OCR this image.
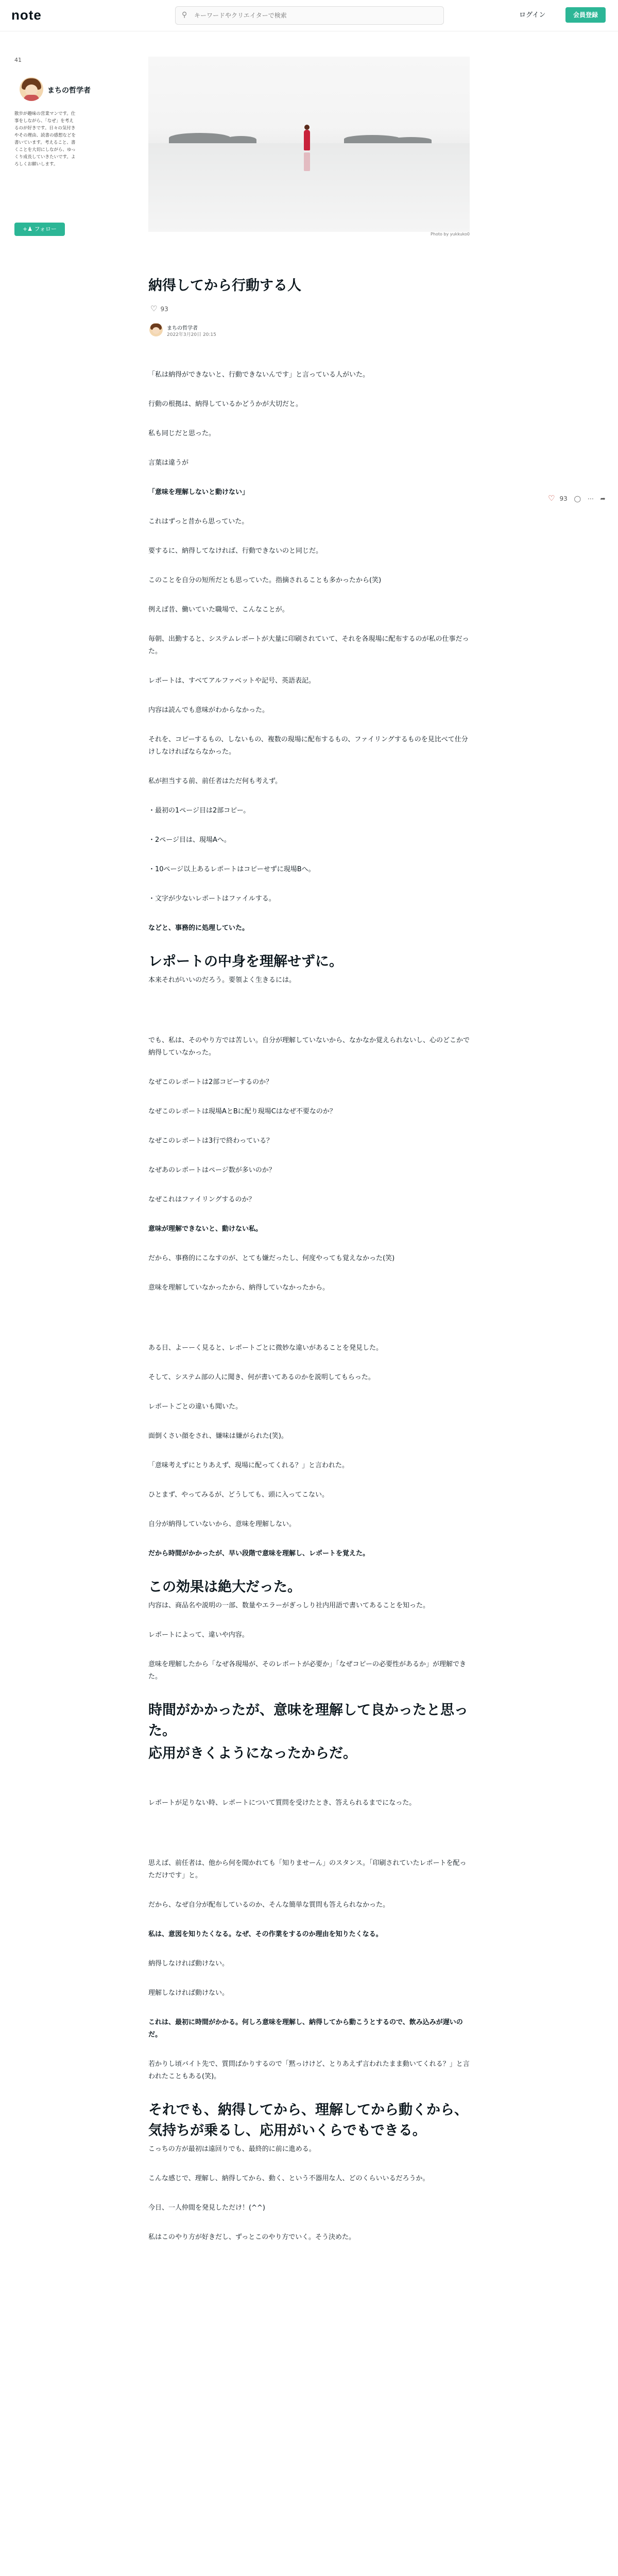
note	⚲
キーワードやクリエイターで検索	ログイン	会員登録
41
まちの哲学者
散歩が趣味の営業マンです。仕事をしながら、「なぜ」を考えるのが好きです。日々の気付きやその理由、読書の感想などを書いています。考えること、書くことを大切にしながら、ゆっくり成長していきたいです。よろしくお願いします。
+♟ フォロー
Photo by yukkuko0
納得してから行動する人
♡ 93
まちの哲学者
2022年3月20日 20:15

「私は納得ができないと、行動できないんです」と言っている人がいた。

行動の根拠は、納得しているかどうかが大切だと。

私も同じだと思った。

言葉は違うが

「意味を理解しないと動けない」

これはずっと昔から思っていた。

要するに、納得してなければ、行動できないのと同じだ。

このことを自分の短所だとも思っていた。指摘されることも多かったから(笑)

例えば昔、働いていた職場で、こんなことが。

毎朝、出勤すると、システムレポートが大量に印刷されていて、それを各現場に配布するのが私の仕事だった。

レポートは、すべてアルファベットや記号、英語表記。

内容は読んでも意味がわからなかった。

それを、コピーするもの、しないもの、複数の現場に配布するもの、ファイリングするものを見比べて仕分けしなければならなかった。

私が担当する前、前任者はただ何も考えず。

・最初の1ページ目は2部コピー。

・2ページ目は、現場Aへ。

・10ページ以上あるレポートはコピーせずに現場Bへ。

・文字が少ないレポートはファイルする。

などと、事務的に処理していた。

レポートの中身を理解せずに。

本来それがいいのだろう。要領よく生きるには。

でも、私は、そのやり方では苦しい。自分が理解していないから、なかなか覚えられないし、心のどこかで納得していなかった。

なぜこのレポートは2部コピーするのか？

なぜこのレポートは現場AとBに配り現場Cはなぜ不要なのか？

なぜこのレポートは3行で終わっている？

なぜあのレポートはページ数が多いのか？

なぜこれはファイリングするのか？

意味が理解できないと、動けない私。

だから、事務的にこなすのが、とても嫌だったし、何度やっても覚えなかった(笑)

意味を理解していなかったから、納得していなかったから。

ある日、よーーく見ると、レポートごとに微妙な違いがあることを発見した。

そして、システム部の人に聞き、何が書いてあるのかを説明してもらった。

レポートごとの違いも聞いた。

面倒くさい顔をされ、嫌味は嫌がられた(笑)。

「意味考えずにとりあえず、現場に配ってくれる？」と言われた。

ひとまず、やってみるが、どうしても、頭に入ってこない。

自分が納得していないから、意味を理解しない。

だから時間がかかったが、早い段階で意味を理解し、レポートを覚えた。

この効果は絶大だった。

内容は、商品名や説明の一部、数量やエラーがぎっしり社内用語で書いてあることを知った。

レポートによって、違いや内容。

意味を理解したから「なぜ各現場が、そのレポートが必要か」「なぜコピーの必要性があるか」が理解できた。

時間がかかったが、意味を理解して良かったと思った。
応用がきくようになったからだ。

レポートが足りない時、レポートについて質問を受けたとき、答えられるまでになった。

思えば、前任者は、他から何を聞かれても「知りませーん」のスタンス。「印刷されていたレポートを配っただけです」と。

だから、なぜ自分が配布しているのか、そんな簡単な質問も答えられなかった。

私は、意図を知りたくなる。なぜ、その作業をするのか理由を知りたくなる。

納得しなければ動けない。

理解しなければ動けない。

これは、最初に時間がかかる。何しろ意味を理解し、納得してから動こうとするので、飲み込みが遅いのだ。

若かりし頃バイト先で、質問ばかりするので「黙っけけど、とりあえず言われたまま動いてくれる？」と言われたこともある(笑)。

それでも、納得してから、理解してから動くから、気持ちが乗るし、応用がいくらでもできる。

こっちの方が最初は遠回りでも、最終的に前に進める。

こんな感じで、理解し、納得してから、動く、という不器用な人、どのくらいいるだろうか。

今日、一人仲間を発見しただけ！(^^)

私はこのやり方が好きだし、ずっとこのやり方でいく。そう決めた。

♡ 93 ◯ ⋯ ➦
